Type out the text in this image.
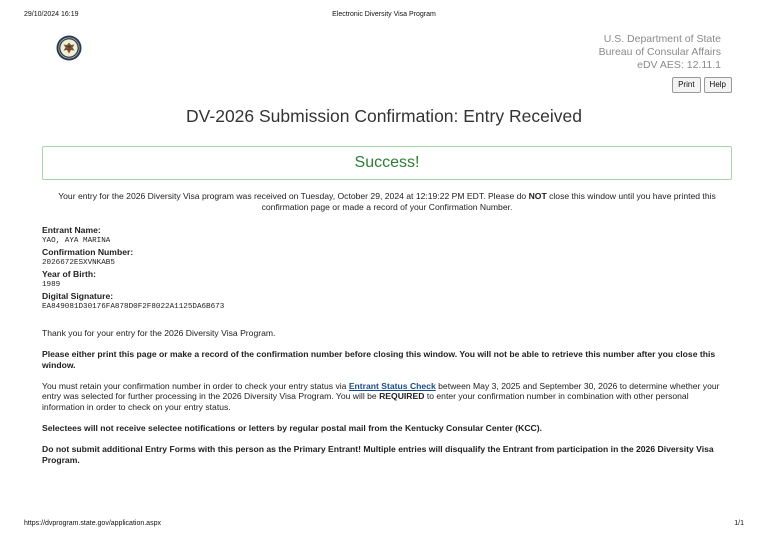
29/10/2024 16:19	Electronic Diversity Visa Program
U.S. Department of State
Bureau of Consular Affairs
eDV AES: 12.11.1
Print	Help
DV-2026 Submission Confirmation: Entry Received
Success!
Your entry for the 2026 Diversity Visa program was received on Tuesday, October 29, 2024 at 12:19:22 PM EDT. Please do NOT close this window until you have printed this confirmation page or made a record of your Confirmation Number.
Entrant Name:
YAO, AYA MARINA
Confirmation Number:
2026672ESXVNKAB5
Year of Birth:
1989
Digital Signature:
EA849081D30176FA878D0F2F8022A1125DA6B673

Thank you for your entry for the 2026 Diversity Visa Program.

Please either print this page or make a record of the confirmation number before closing this window. You will not be able to retrieve this number after you close this window.

You must retain your confirmation number in order to check your entry status via Entrant Status Check between May 3, 2025 and September 30, 2026 to determine whether your entry was selected for further processing in the 2026 Diversity Visa Program. You will be REQUIRED to enter your confirmation number in combination with other personal information in order to check on your entry status.

Selectees will not receive selectee notifications or letters by regular postal mail from the Kentucky Consular Center (KCC).

Do not submit additional Entry Forms with this person as the Primary Entrant! Multiple entries will disqualify the Entrant from participation in the 2026 Diversity Visa Program.

https://dvprogram.state.gov/application.aspx	1/1
